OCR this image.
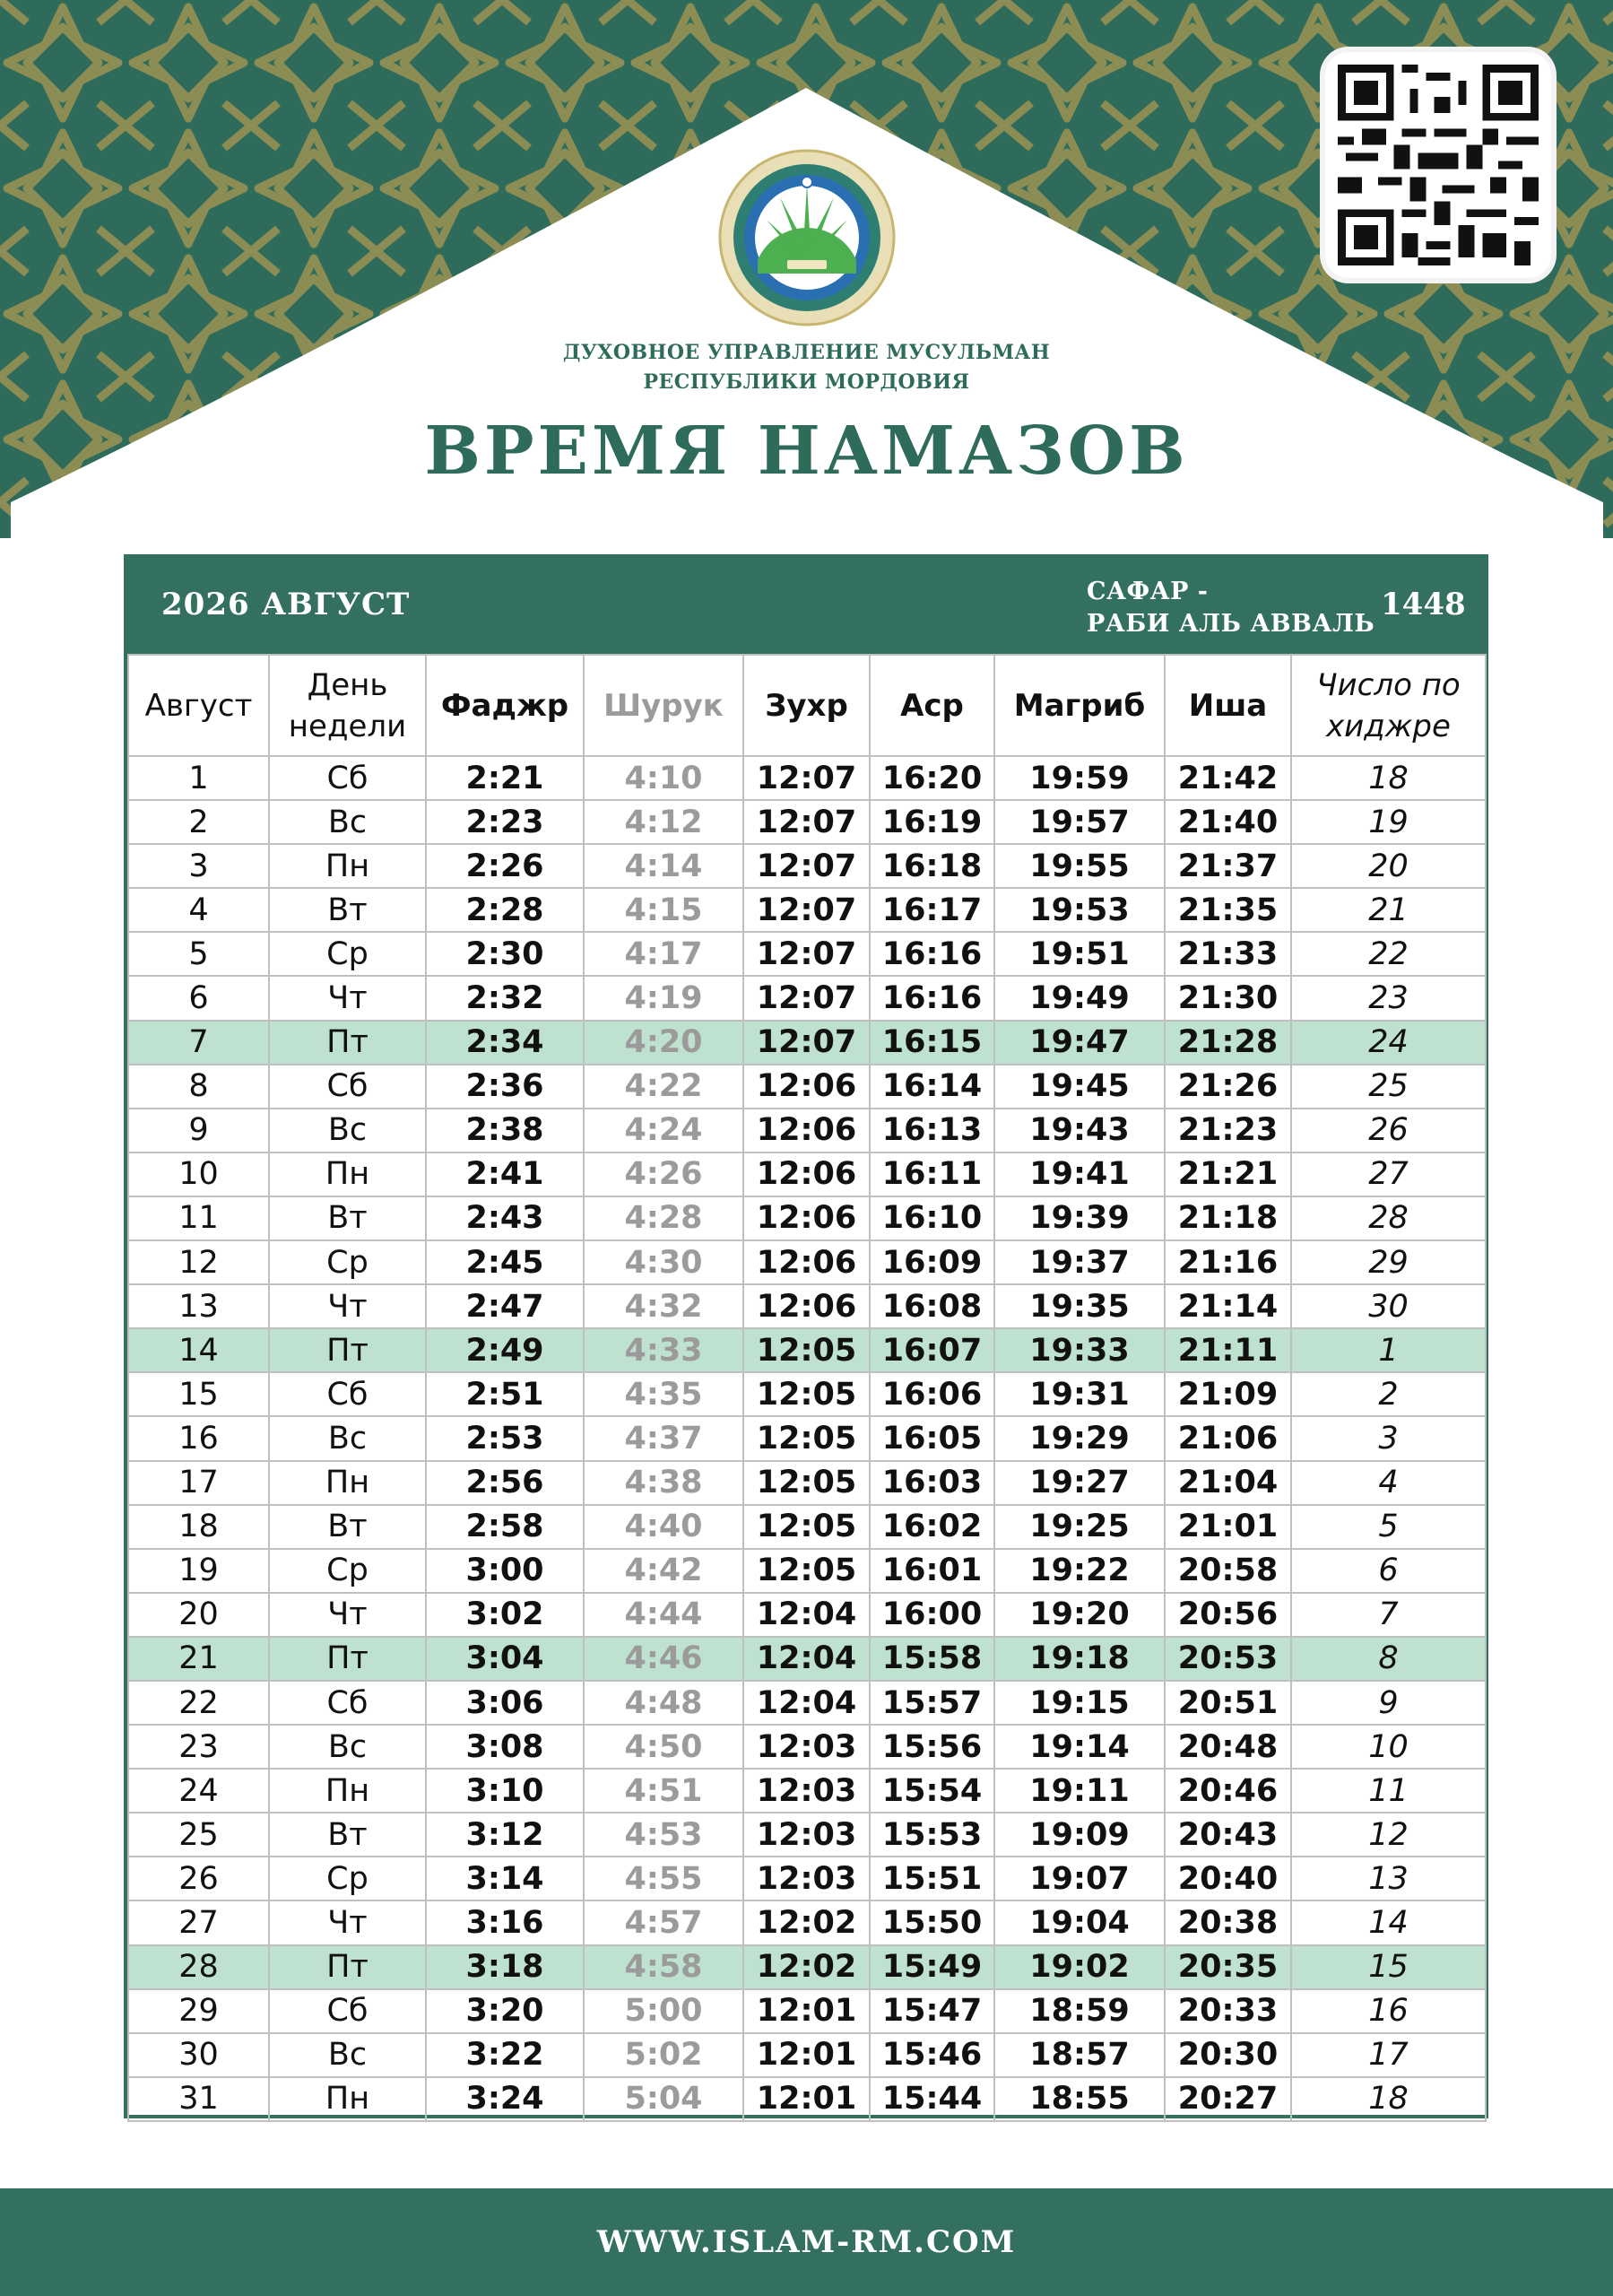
ДУХОВНОЕ УПРАВЛЕНИЕ МУСУЛЬМАН
РЕСПУБЛИКИ МОРДОВИЯ
ВРЕМЯ НАМАЗОВ
2026 АВГУСТ	САФАР -
РАБИ АЛЬ АВВАЛЬ
1448
Август	День недели	Фаджр	Шурук	Зухр	Аср	Магриб	Иша	Число по хиджре
1	Сб	2:21	4:10	12:07	16:20	19:59	21:42	18
2	Вс	2:23	4:12	12:07	16:19	19:57	21:40	19
3	Пн	2:26	4:14	12:07	16:18	19:55	21:37	20
4	Вт	2:28	4:15	12:07	16:17	19:53	21:35	21
5	Ср	2:30	4:17	12:07	16:16	19:51	21:33	22
6	Чт	2:32	4:19	12:07	16:16	19:49	21:30	23
7	Пт	2:34	4:20	12:07	16:15	19:47	21:28	24
8	Сб	2:36	4:22	12:06	16:14	19:45	21:26	25
9	Вс	2:38	4:24	12:06	16:13	19:43	21:23	26
10	Пн	2:41	4:26	12:06	16:11	19:41	21:21	27
11	Вт	2:43	4:28	12:06	16:10	19:39	21:18	28
12	Ср	2:45	4:30	12:06	16:09	19:37	21:16	29
13	Чт	2:47	4:32	12:06	16:08	19:35	21:14	30
14	Пт	2:49	4:33	12:05	16:07	19:33	21:11	1
15	Сб	2:51	4:35	12:05	16:06	19:31	21:09	2
16	Вс	2:53	4:37	12:05	16:05	19:29	21:06	3
17	Пн	2:56	4:38	12:05	16:03	19:27	21:04	4
18	Вт	2:58	4:40	12:05	16:02	19:25	21:01	5
19	Ср	3:00	4:42	12:05	16:01	19:22	20:58	6
20	Чт	3:02	4:44	12:04	16:00	19:20	20:56	7
21	Пт	3:04	4:46	12:04	15:58	19:18	20:53	8
22	Сб	3:06	4:48	12:04	15:57	19:15	20:51	9
23	Вс	3:08	4:50	12:03	15:56	19:14	20:48	10
24	Пн	3:10	4:51	12:03	15:54	19:11	20:46	11
25	Вт	3:12	4:53	12:03	15:53	19:09	20:43	12
26	Ср	3:14	4:55	12:03	15:51	19:07	20:40	13
27	Чт	3:16	4:57	12:02	15:50	19:04	20:38	14
28	Пт	3:18	4:58	12:02	15:49	19:02	20:35	15
29	Сб	3:20	5:00	12:01	15:47	18:59	20:33	16
30	Вс	3:22	5:02	12:01	15:46	18:57	20:30	17
31	Пн	3:24	5:04	12:01	15:44	18:55	20:27	18
WWW.ISLAM-RM.COM
